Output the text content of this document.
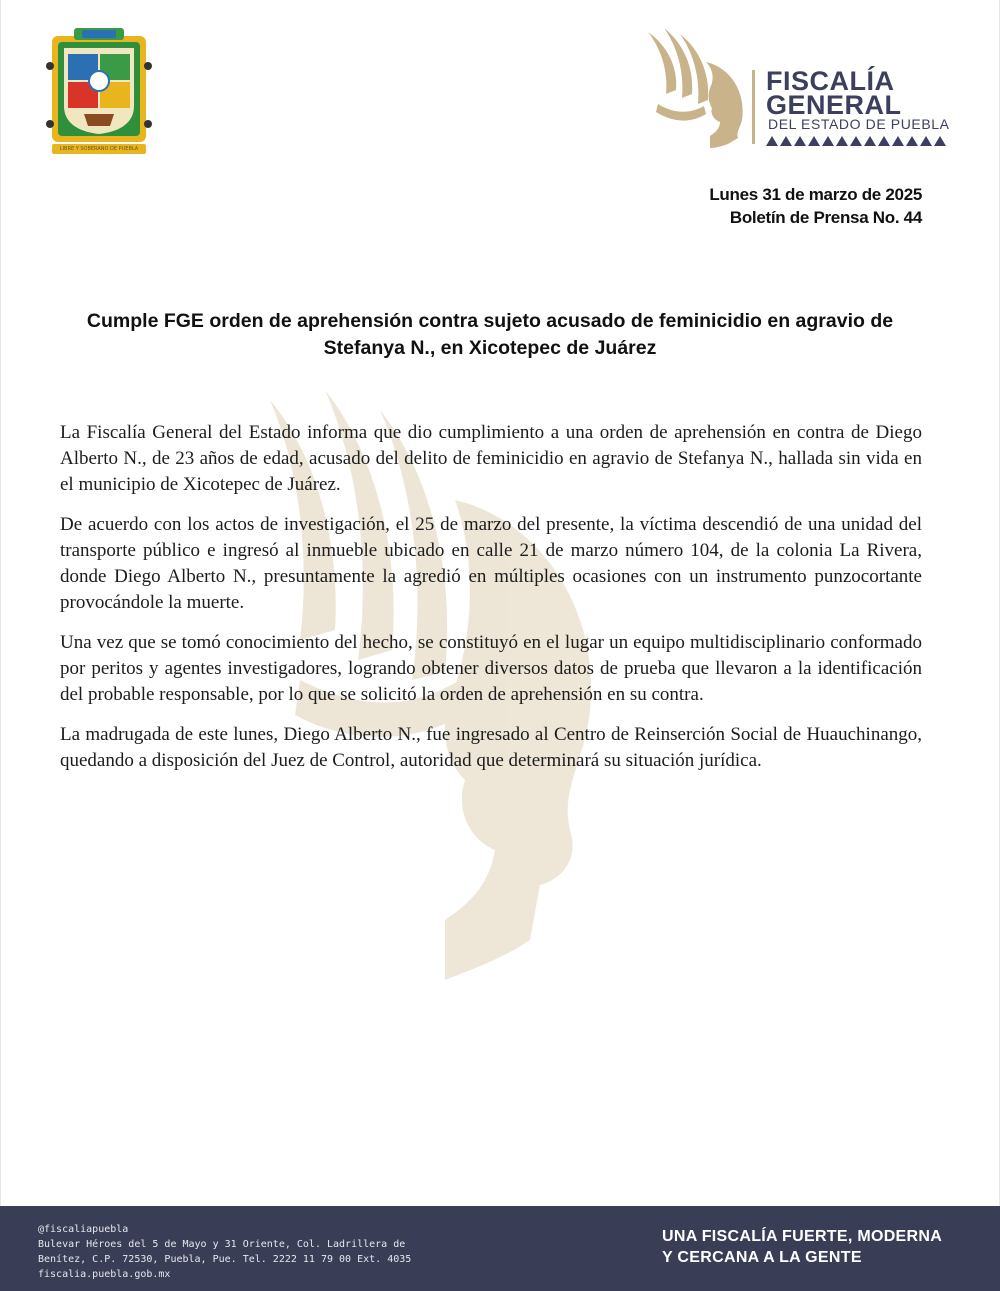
LIBRE Y SOBERANO DE PUEBLA
FISCALÍA
GENERAL
DEL ESTADO DE PUEBLA
Lunes 31 de marzo de 2025
Boletín de Prensa No. 44
Cumple FGE orden de aprehensión contra sujeto acusado de feminicidio en agravio de
Stefanya N., en Xicotepec de Juárez

La Fiscalía General del Estado informa que dio cumplimiento a una orden de aprehensión en contra de Diego Alberto N., de 23 años de edad, acusado del delito de feminicidio en agravio de Stefanya N., hallada sin vida en el municipio de Xicotepec de Juárez.

De acuerdo con los actos de investigación, el 25 de marzo del presente, la víctima descendió de una unidad del transporte público e ingresó al inmueble ubicado en calle 21 de marzo número 104, de la colonia La Rivera, donde Diego Alberto N., presuntamente la agredió en múltiples ocasiones con un instrumento punzocortante provocándole la muerte.

Una vez que se tomó conocimiento del hecho, se constituyó en el lugar un equipo multidisciplinario conformado por peritos y agentes investigadores, logrando obtener diversos datos de prueba que llevaron a la identificación del probable responsable, por lo que se solicitó la orden de aprehensión en su contra.

La madrugada de este lunes, Diego Alberto N., fue ingresado al Centro de Reinserción Social de Huauchinango, quedando a disposición del Juez de Control, autoridad que determinará su situación jurídica.

@fiscaliapuebla
Bulevar Héroes del 5 de Mayo y 31 Oriente, Col. Ladrillera de
Benítez, C.P. 72530, Puebla, Pue. Tel. 2222 11 79 00 Ext. 4035
fiscalia.puebla.gob.mx
UNA FISCALÍA FUERTE, MODERNA
Y CERCANA A LA GENTE
